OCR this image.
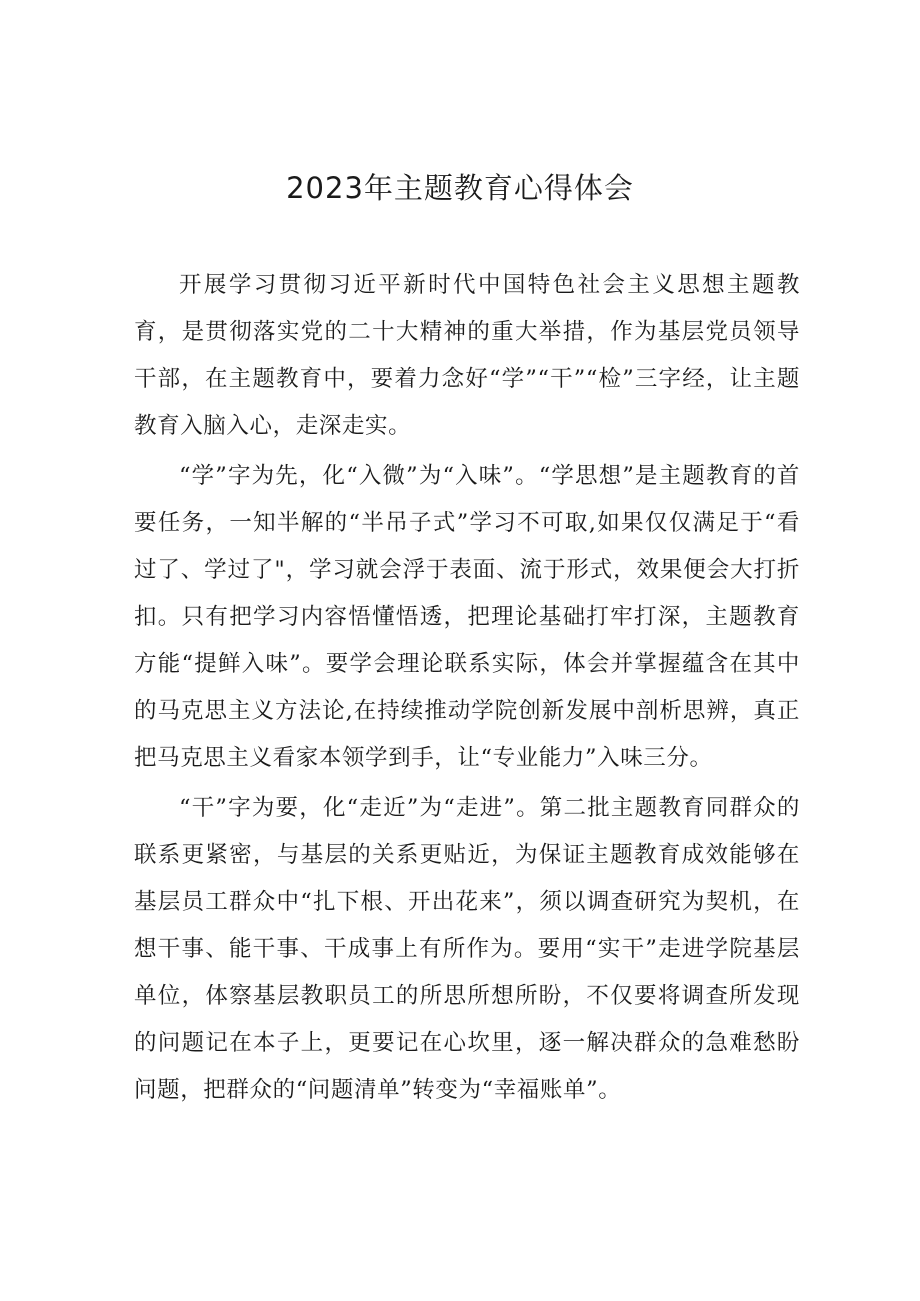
2023年主题教育心得体会

开展学习贯彻习近平新时代中国特色社会主义思想主题教育，是贯彻落实党的二十大精神的重大举措，作为基层党员领导干部，在主题教育中，要着力念好“学”“干”“检”三字经，让主题教育入脑入心，走深走实。

“学”字为先，化“入微”为“入味”。“学思想”是主题教育的首要任务，一知半解的“半吊子式”学习不可取,如果仅仅满足于“看过了、学过了"，学习就会浮于表面、流于形式，效果便会大打折扣。只有把学习内容悟懂悟透，把理论基础打牢打深，主题教育方能“提鲜入味”。要学会理论联系实际，体会并掌握蕴含在其中的马克思主义方法论,在持续推动学院创新发展中剖析思辨，真正把马克思主义看家本领学到手，让“专业能力”入味三分。

“干”字为要，化“走近”为“走进”。第二批主题教育同群众的联系更紧密，与基层的关系更贴近，为保证主题教育成效能够在基层员工群众中“扎下根、开出花来”，须以调查研究为契机，在想干事、能干事、干成事上有所作为。要用“实干”走进学院基层单位，体察基层教职员工的所思所想所盼，不仅要将调查所发现的问题记在本子上，更要记在心坎里，逐一解决群众的急难愁盼问题，把群众的“问题清单”转变为“幸福账单”。
